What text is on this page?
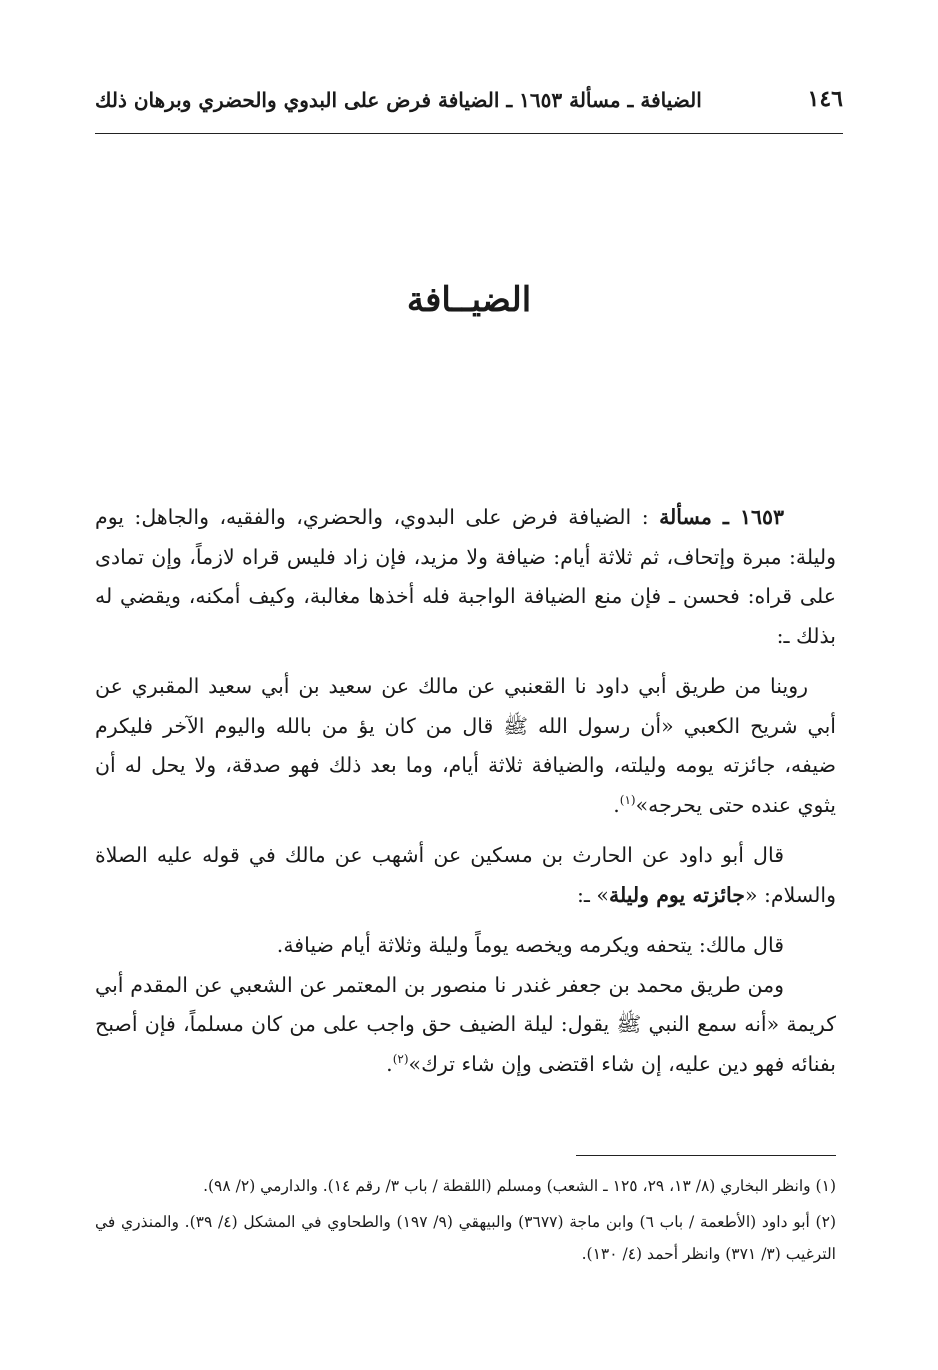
١٤٦
الضيافة ـ مسألة ١٦٥٣ ـ الضيافة فرض على البدوي والحضري وبرهان ذلك
الضيــافة

١٦٥٣ ـ مسألة : الضيافة فرض على البدوي، والحضري، والفقيه، والجاهل: يوم وليلة: مبرة وإتحاف، ثم ثلاثة أيام: ضيافة ولا مزيد، فإن زاد فليس قراه لازماً، وإن تمادى على قراه: فحسن ـ فإن منع الضيافة الواجبة فله أخذها مغالبة، وكيف أمكنه، ويقضي له بذلك ـ:

روينا من طريق أبي داود نا القعنبي عن مالك عن سعيد بن أبي سعيد المقبري عن أبي شريح الكعبي «أن رسول الله ﷺ قال من كان يؤ من بالله واليوم الآخر فليكرم ضيفه، جائزته يومه وليلته، والضيافة ثلاثة أيام، وما بعد ذلك فهو صدقة، ولا يحل له أن يثوي عنده حتى يحرجه»$^{(١)}$.

قال أبو داود عن الحارث بن مسكين عن أشهب عن مالك في قوله عليه الصلاة والسلام: «جائزته يوم وليلة» ـ:

قال مالك: يتحفه ويكرمه ويخصه يوماً وليلة وثلاثة أيام ضيافة.

ومن طريق محمد بن جعفر غندر نا منصور بن المعتمر عن الشعبي عن المقدم أبي كريمة «أنه سمع النبي ﷺ يقول: ليلة الضيف حق واجب على من كان مسلماً، فإن أصبح بفنائه فهو دين عليه، إن شاء اقتضى وإن شاء ترك»$^{(٢)}$.

(١) وانظر البخاري (٨/ ١٣، ٢٩، ١٢٥ ـ الشعب) ومسلم (اللقطة / باب ٣/ رقم ١٤). والدارمي (٢/ ٩٨).

(٢) أبو داود (الأطعمة / باب ٦) وابن ماجة (٣٦٧٧) والبيهقي (٩/ ١٩٧) والطحاوي في المشكل (٤/ ٣٩). والمنذري في الترغيب (٣/ ٣٧١) وانظر أحمد (٤/ ١٣٠).
